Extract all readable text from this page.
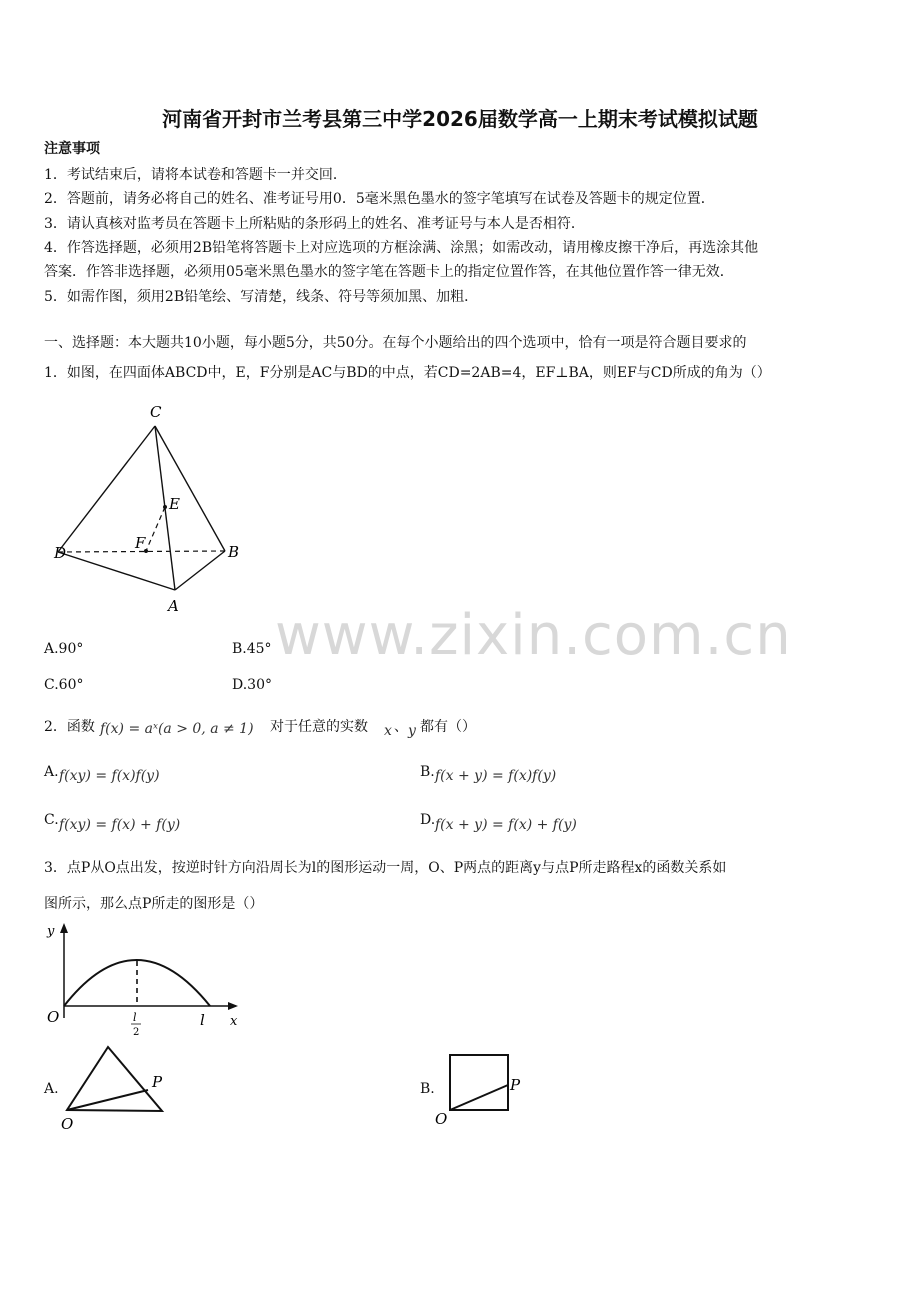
河南省开封市兰考县第三中学2026届数学高一上期末考试模拟试题
注意事项
1．考试结束后，请将本试卷和答题卡一并交回．
2．答题前，请务必将自己的姓名、准考证号用0．5毫米黑色墨水的签字笔填写在试卷及答题卡的规定位置．
3．请认真核对监考员在答题卡上所粘贴的条形码上的姓名、准考证号与本人是否相符．
4．作答选择题，必须用2B铅笔将答题卡上对应选项的方框涂满、涂黑；如需改动，请用橡皮擦干净后，再选涂其他
答案．作答非选择题，必须用05毫米黑色墨水的签字笔在答题卡上的指定位置作答，在其他位置作答一律无效．
5．如需作图，须用2B铅笔绘、写清楚，线条、符号等须加黑、加粗．
一、选择题：本大题共10小题，每小题5分，共50分。在每个小题给出的四个选项中，恰有一项是符合题目要求的
1．如图，在四面体ABCD中，E，F分别是AC与BD的中点，若CD=2AB=4，EF⊥BA，则EF与CD所成的角为（）
C
E
F
D	B
A www.zixin.com.cn
A.90°	B.45°
C.60°	D.30°
2．函数 f(x) = aˣ(a > 0, a ≠ 1) 对于任意的实数 x 、 y 都有（）
A. f(xy) = f(x)f(y)	B. f(x + y) = f(x)f(y)
C. f(xy) = f(x) + f(y)	D. f(x + y) = f(x) + f(y)
3．点P从O点出发，按逆时针方向沿周长为l的图形运动一周，O、P两点的距离y与点P所走路程x的函数关系如
图所示，那么点P所走的图形是（）
y
x
O	l
l
2
A.	P
O
B.	P
O
